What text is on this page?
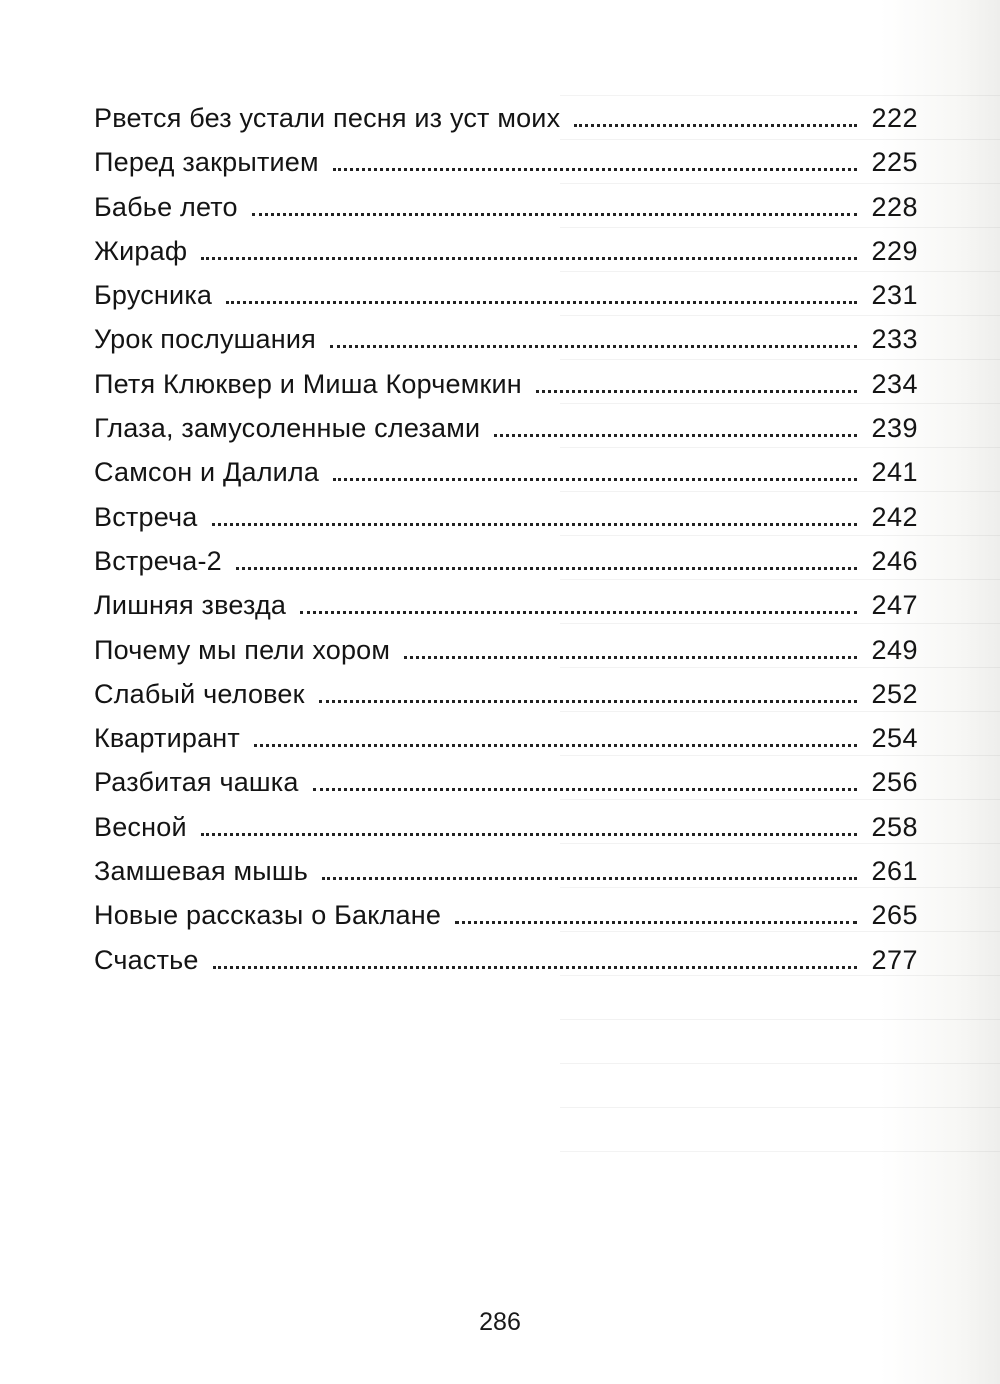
Рвется без устали песня из уст моих	222
Перед закрытием	225
Бабье лето	228
Жираф	229
Брусника	231
Урок послушания	233
Петя Клюквер и Миша Корчемкин	234
Глаза, замусоленные слезами	239
Самсон и Далила	241
Встреча	242
Встреча-2	246
Лишняя звезда	247
Почему мы пели хором	249
Слабый человек	252
Квартирант	254
Разбитая чашка	256
Весной	258
Замшевая мышь	261
Новые рассказы о Баклане	265
Счастье	277
286
